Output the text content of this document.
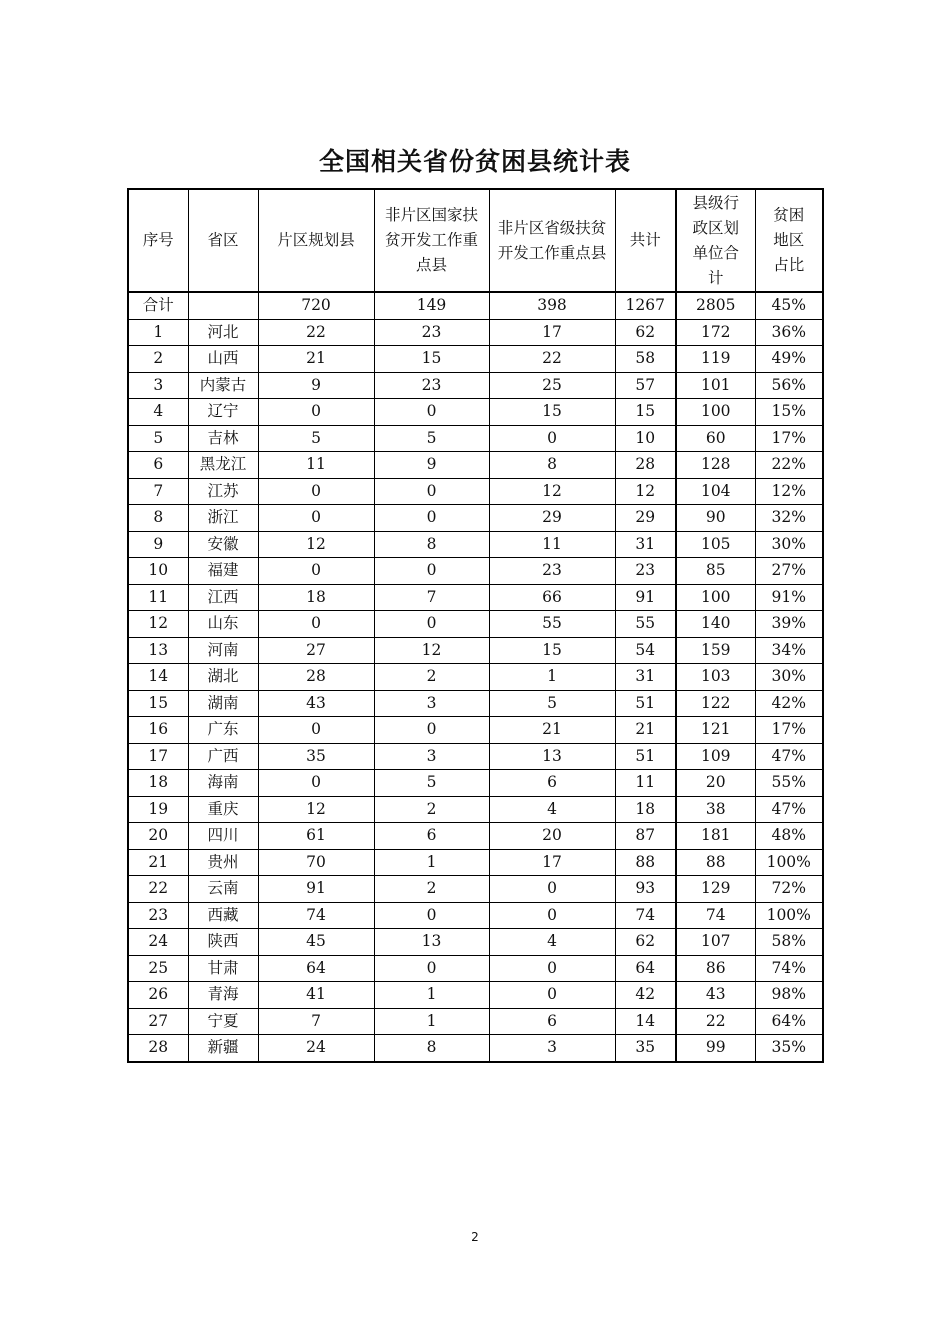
全国相关省份贫困县统计表
序号	省区	片区规划县	非片区国家扶贫开发工作重点县	非片区省级扶贫开发工作重点县	共计	县级行政区划单位合计	贫困地区占比
合计		720	149	398	1267	2805	45%
1	河北	22	23	17	62	172	36%
2	山西	21	15	22	58	119	49%
3	内蒙古	9	23	25	57	101	56%
4	辽宁	0	0	15	15	100	15%
5	吉林	5	5	0	10	60	17%
6	黑龙江	11	9	8	28	128	22%
7	江苏	0	0	12	12	104	12%
8	浙江	0	0	29	29	90	32%
9	安徽	12	8	11	31	105	30%
10	福建	0	0	23	23	85	27%
11	江西	18	7	66	91	100	91%
12	山东	0	0	55	55	140	39%
13	河南	27	12	15	54	159	34%
14	湖北	28	2	1	31	103	30%
15	湖南	43	3	5	51	122	42%
16	广东	0	0	21	21	121	17%
17	广西	35	3	13	51	109	47%
18	海南	0	5	6	11	20	55%
19	重庆	12	2	4	18	38	47%
20	四川	61	6	20	87	181	48%
21	贵州	70	1	17	88	88	100%
22	云南	91	2	0	93	129	72%
23	西藏	74	0	0	74	74	100%
24	陕西	45	13	4	62	107	58%
25	甘肃	64	0	0	64	86	74%
26	青海	41	1	0	42	43	98%
27	宁夏	7	1	6	14	22	64%
28	新疆	24	8	3	35	99	35%
2
